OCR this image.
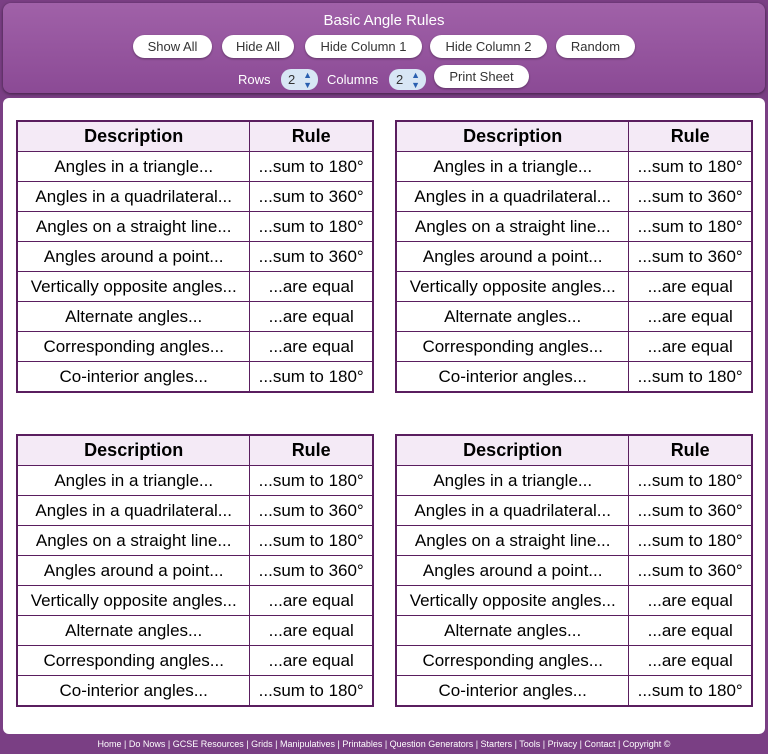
Basic Angle Rules
Show All	Hide All	Hide Column 1	Hide Column 2	Random
Rows	2 ▲
▼ Columns	2 ▲
▼
Print Sheet
Description	Rule
Angles in a triangle...	...sum to 180°
Angles in a quadrilateral...	...sum to 360°
Angles on a straight line...	...sum to 180°
Angles around a point...	...sum to 360°
Vertically opposite angles...	...are equal
Alternate angles...	...are equal
Corresponding angles...	...are equal
Co-interior angles...	...sum to 180°
Description	Rule
Angles in a triangle...	...sum to 180°
Angles in a quadrilateral...	...sum to 360°
Angles on a straight line...	...sum to 180°
Angles around a point...	...sum to 360°
Vertically opposite angles...	...are equal
Alternate angles...	...are equal
Corresponding angles...	...are equal
Co-interior angles...	...sum to 180°
Description	Rule
Angles in a triangle...	...sum to 180°
Angles in a quadrilateral...	...sum to 360°
Angles on a straight line...	...sum to 180°
Angles around a point...	...sum to 360°
Vertically opposite angles...	...are equal
Alternate angles...	...are equal
Corresponding angles...	...are equal
Co-interior angles...	...sum to 180°
Description	Rule
Angles in a triangle...	...sum to 180°
Angles in a quadrilateral...	...sum to 360°
Angles on a straight line...	...sum to 180°
Angles around a point...	...sum to 360°
Vertically opposite angles...	...are equal
Alternate angles...	...are equal
Corresponding angles...	...are equal
Co-interior angles...	...sum to 180°
Home | Do Nows | GCSE Resources | Grids | Manipulatives | Printables | Question Generators | Starters | Tools | Privacy | Contact | Copyright ©
